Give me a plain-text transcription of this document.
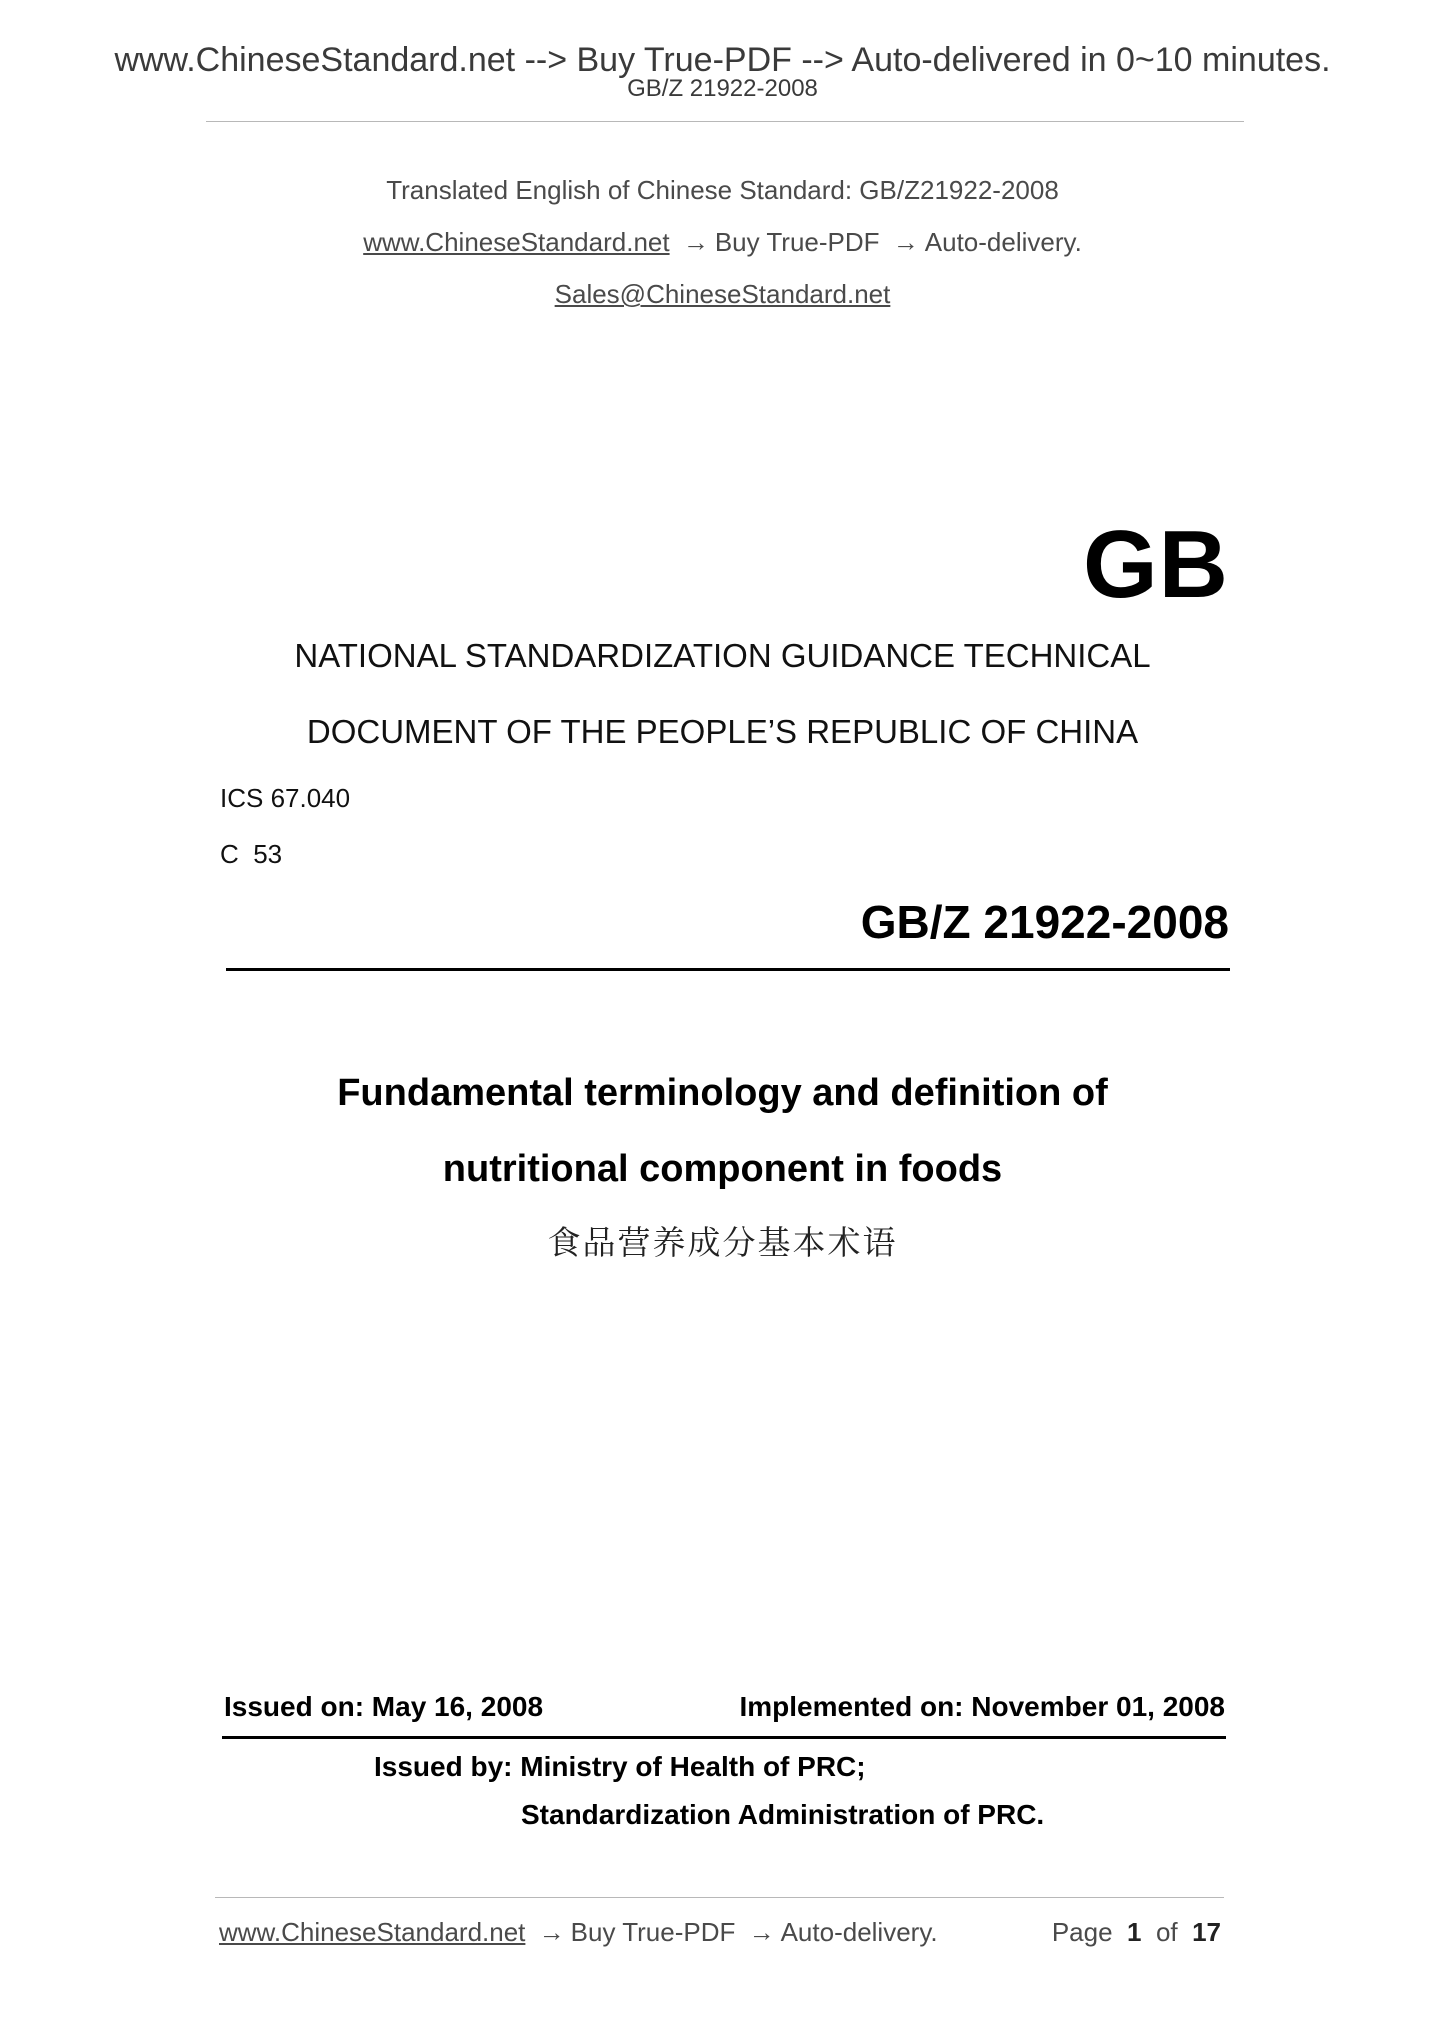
www.ChineseStandard.net --> Buy True-PDF --> Auto-delivered in 0~10 minutes.
GB/Z 21922-2008
Translated English of Chinese Standard: GB/Z21922-2008
www.ChineseStandard.net → Buy True-PDF → Auto-delivery.
Sales@ChineseStandard.net
GB
NATIONAL STANDARDIZATION GUIDANCE TECHNICAL
DOCUMENT OF THE PEOPLE’S REPUBLIC OF CHINA
ICS 67.040
C  53
GB/Z 21922-2008
Fundamental terminology and definition of
nutritional component in foods
食品营养成分基本术语
Issued on: May 16, 2008	Implemented on: November 01, 2008
Issued by: Ministry of Health of PRC;
Standardization Administration of PRC.
www.ChineseStandard.net → Buy True-PDF → Auto-delivery.	Page 1 of 17
